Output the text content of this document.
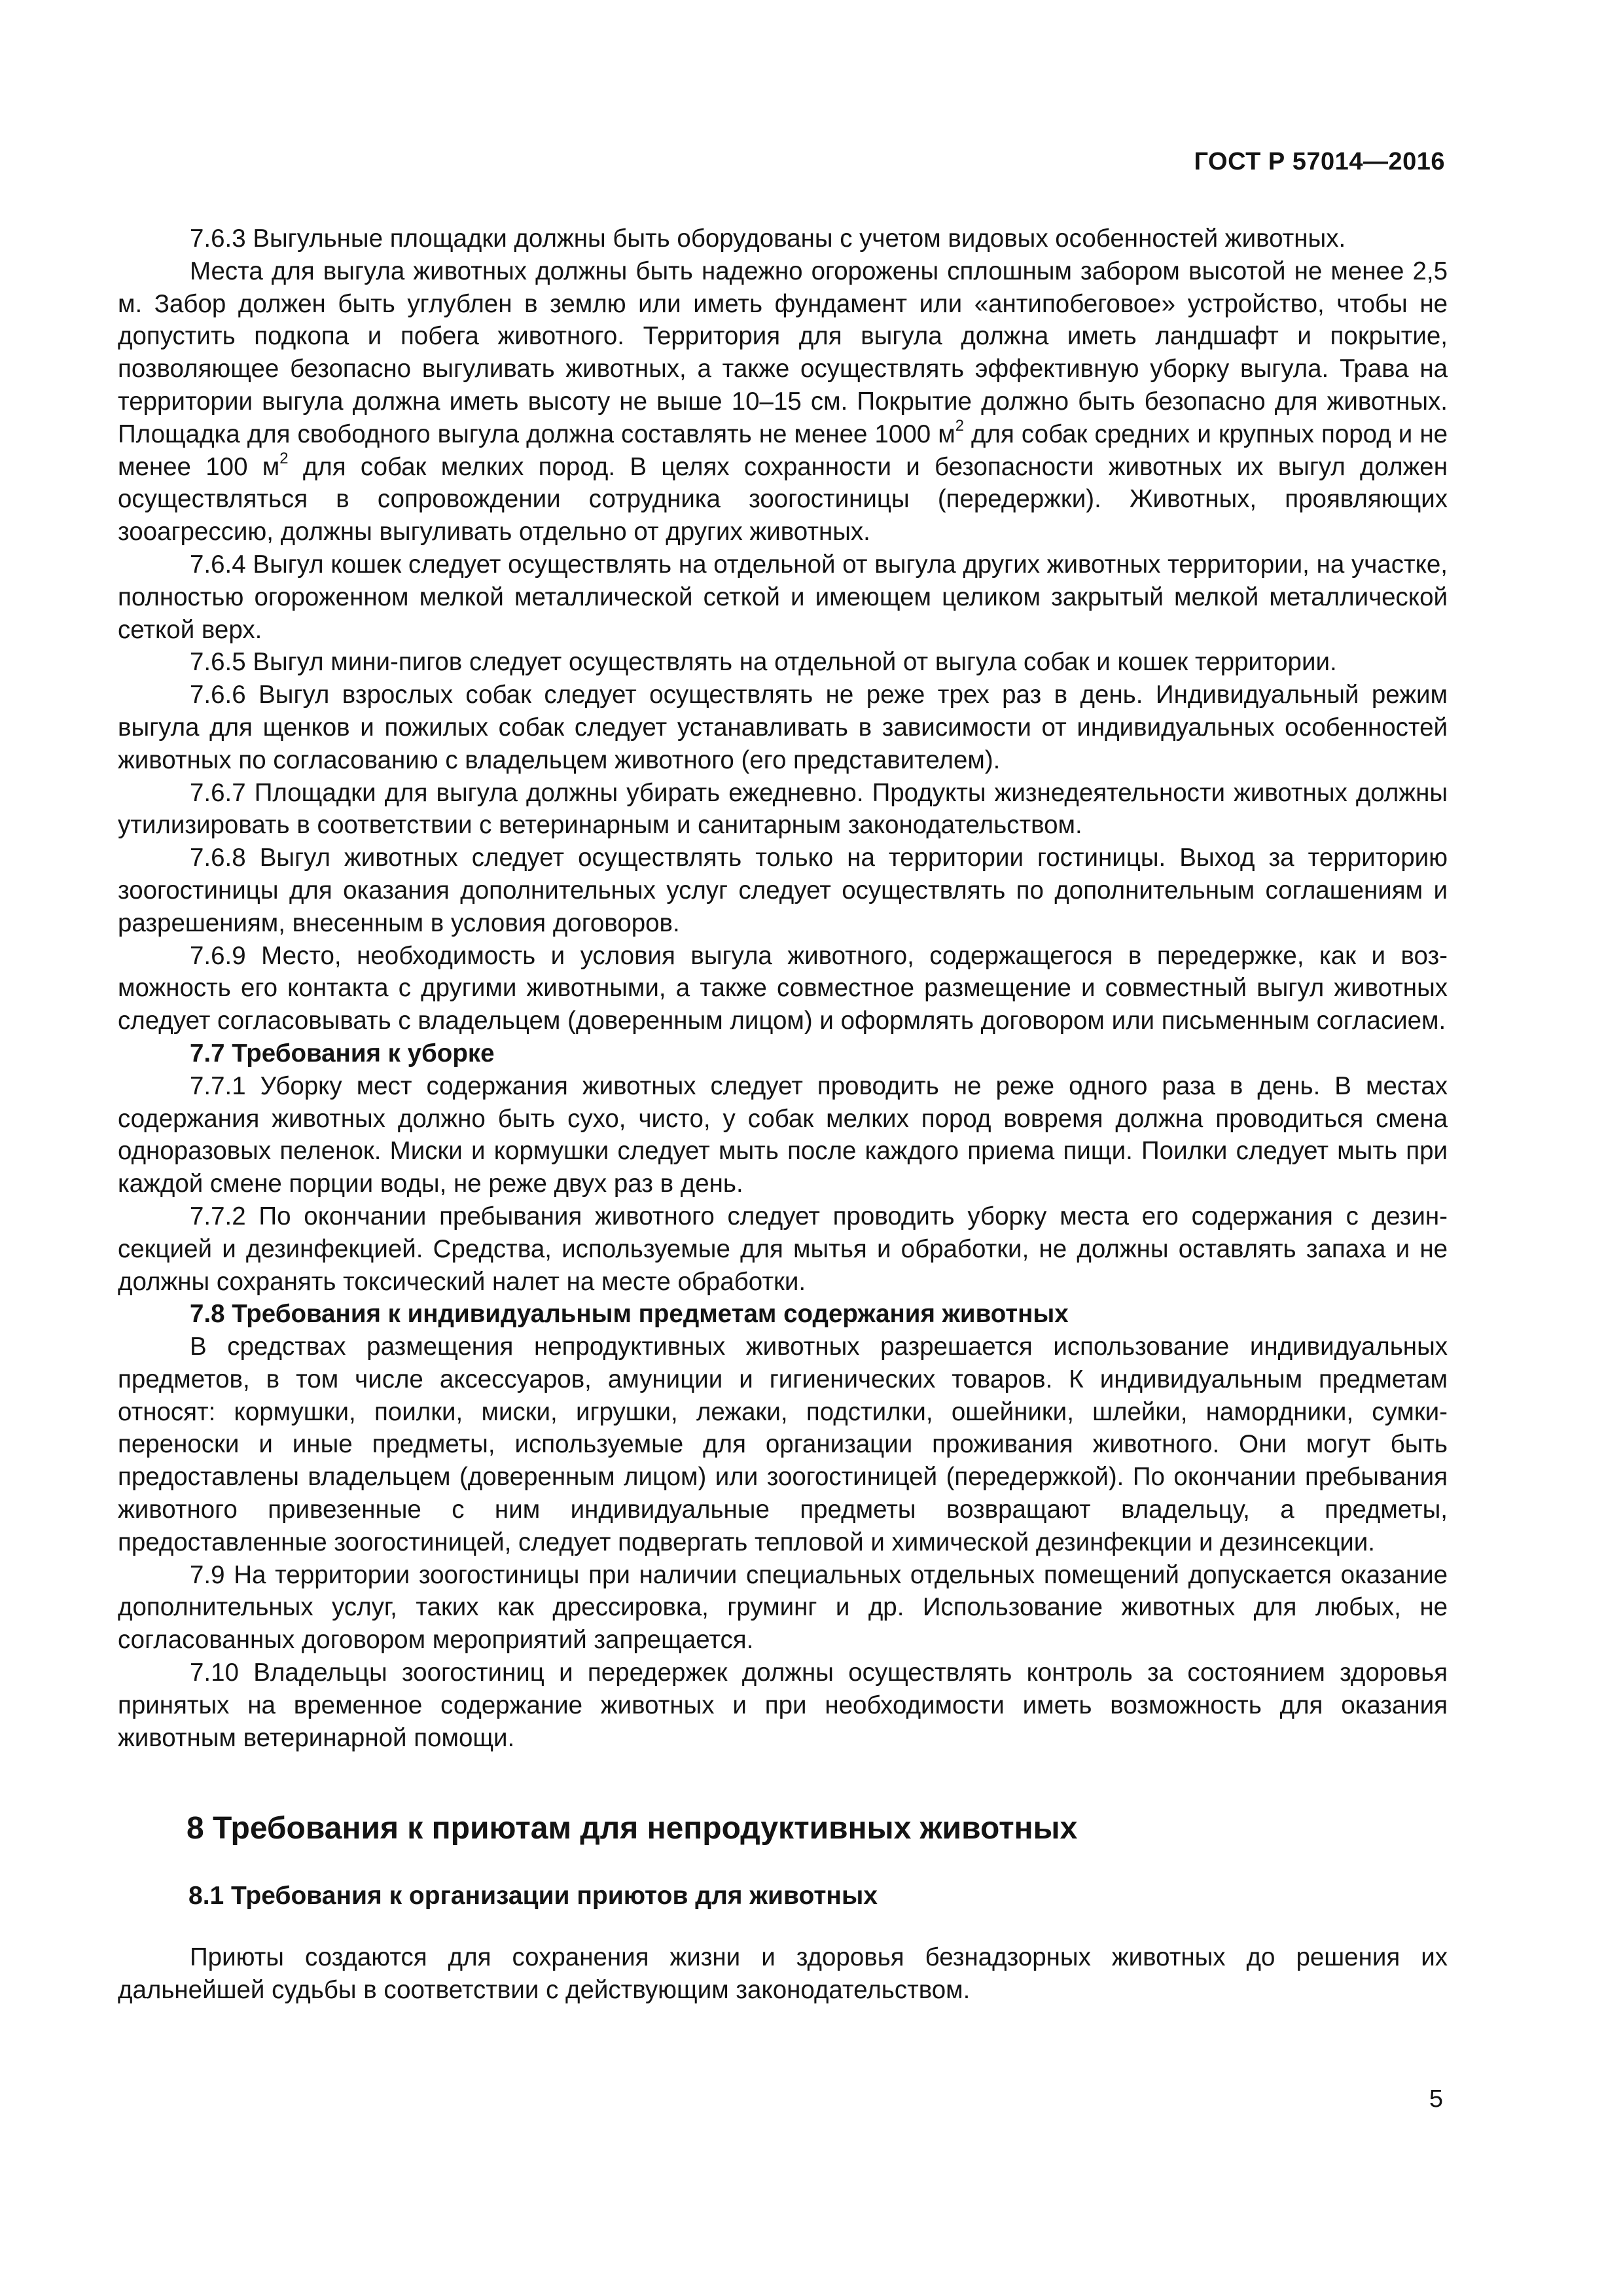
ГОСТ Р 57014—2016

7.6.3 Выгульные площадки должны быть оборудованы с учетом видовых особенностей животных.

Места для выгула животных должны быть надежно огорожены сплошным забором высотой не менее 2,5 м. Забор должен быть углублен в землю или иметь фундамент или «антипобеговое» устройство, чтобы не допустить подкопа и побега животного. Территория для выгула должна иметь ландшафт и покрытие, позволяющее безопасно выгуливать животных, а также осуществлять эффективную уборку выгула. Трава на территории выгула должна иметь высоту не выше 10–15 см. Покрытие должно быть безопасно для животных. Площадка для свободного выгула должна составлять не менее 1000 $м^2$ для собак средних и крупных пород и не менее 100 $м^2$ для собак мелких пород. В целях сохранности и безопасности животных их выгул должен осуществляться в сопровождении сотрудника зоогостиницы (передержки). Животных, проявляющих зооагрессию, должны выгуливать отдельно от других животных.

7.6.4 Выгул кошек следует осуществлять на отдельной от выгула других животных территории, на участке, полностью огороженном мелкой металлической сеткой и имеющем целиком закрытый мелкой металлической сеткой верх.

7.6.5 Выгул мини-пигов следует осуществлять на отдельной от выгула собак и кошек территории.

7.6.6 Выгул взрослых собак следует осуществлять не реже трех раз в день. Индивидуальный режим выгула для щенков и пожилых собак следует устанавливать в зависимости от индивидуальных особенностей животных по согласованию с владельцем животного (его представителем).

7.6.7 Площадки для выгула должны убирать ежедневно. Продукты жизнедеятельности животных должны утилизировать в соответствии с ветеринарным и санитарным законодательством.

7.6.8 Выгул животных следует осуществлять только на территории гостиницы. Выход за территорию зоогостиницы для оказания дополнительных услуг следует осуществлять по дополнительным соглашениям и разрешениям, внесенным в условия договоров.

7.6.9 Место, необходимость и условия выгула животного, содержащегося в передержке, как и возможность его контакта с другими животными, а также совместное размещение и совместный выгул животных следует согласовывать с владельцем (доверенным лицом) и оформлять договором или письменным согласием.

7.7 Требования к уборке

7.7.1 Уборку мест содержания животных следует проводить не реже одного раза в день. В местах содержания животных должно быть сухо, чисто, у собак мелких пород вовремя должна проводиться смена одноразовых пеленок. Миски и кормушки следует мыть после каждого приема пищи. Поилки следует мыть при каждой смене порции воды, не реже двух раз в день.

7.7.2 По окончании пребывания животного следует проводить уборку места его содержания с дезинсекцией и дезинфекцией. Средства, используемые для мытья и обработки, не должны оставлять запаха и не должны сохранять токсический налет на месте обработки.

7.8 Требования к индивидуальным предметам содержания животных

В средствах размещения непродуктивных животных разрешается использование индивидуальных предметов, в том числе аксессуаров, амуниции и гигиенических товаров. К индивидуальным предметам относят: кормушки, поилки, миски, игрушки, лежаки, подстилки, ошейники, шлейки, намордники, сумки-переноски и иные предметы, используемые для организации проживания животного. Они могут быть предоставлены владельцем (доверенным лицом) или зоогостиницей (передержкой). По окончании пребывания животного привезенные с ним индивидуальные предметы возвращают владельцу, а предметы, предоставленные зоогостиницей, следует подвергать тепловой и химической дезинфекции и дезинсекции.

7.9 На территории зоогостиницы при наличии специальных отдельных помещений допускается оказание дополнительных услуг, таких как дрессировка, груминг и др. Использование животных для любых, не согласованных договором мероприятий запрещается.

7.10 Владельцы зоогостиниц и передержек должны осуществлять контроль за состоянием здоровья принятых на временное содержание животных и при необходимости иметь возможность для оказания животным ветеринарной помощи.

8 Требования к приютам для непродуктивных животных
8.1 Требования к организации приютов для животных

Приюты создаются для сохранения жизни и здоровья безнадзорных животных до решения их дальнейшей судьбы в соответствии с действующим законодательством.

5
